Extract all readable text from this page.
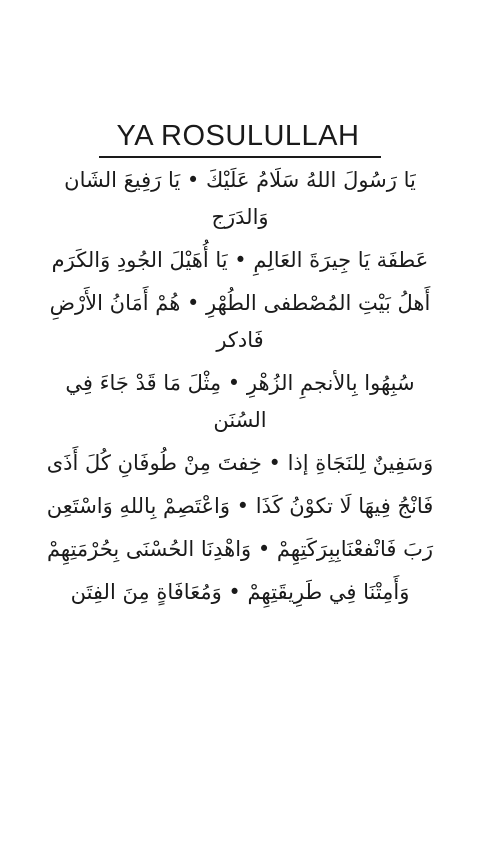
YA ROSULULLAH
يَا رَسُولَ اللهُ سَلَامُ عَلَيْكَ • يَا رَفِيعَ الشَان وَالدَرَج
عَطفَة يَا جِيرَةَ العَالِمِ • يَا أُهَيْلَ الجُودِ وَالكَرَم
أَهلُ بَيْتِ المُصْطفى الطُهْرِ • هُمْ أَمَانُ الأَرْضِ فَادكر
سُبِهُوا بِالأنجمِ الزُهْرِ • مِثْلَ مَا قَدْ جَاءَ فِي السُنَن
وَسَفِينٌ لِلنَجَاةِ إذا • خِفتَ مِنْ طُوفَانِ كُلَ أَذَى
فَانْجُ فِيهَا لَا تكوْنُ كَذَا • وَاعْتَصِمْ بِاللهِ وَاسْتَعِن
رَبَ فَانْفعْنَابِبِرَكَتِهِمْ • وَاهْدِنَا الحُسْنَى بِحُرْمَتِهِمْ
وَأَمِتْنَا فِي طَرِيقَتِهِمْ • وَمُعَافَاةٍ مِنَ الفِتَن
